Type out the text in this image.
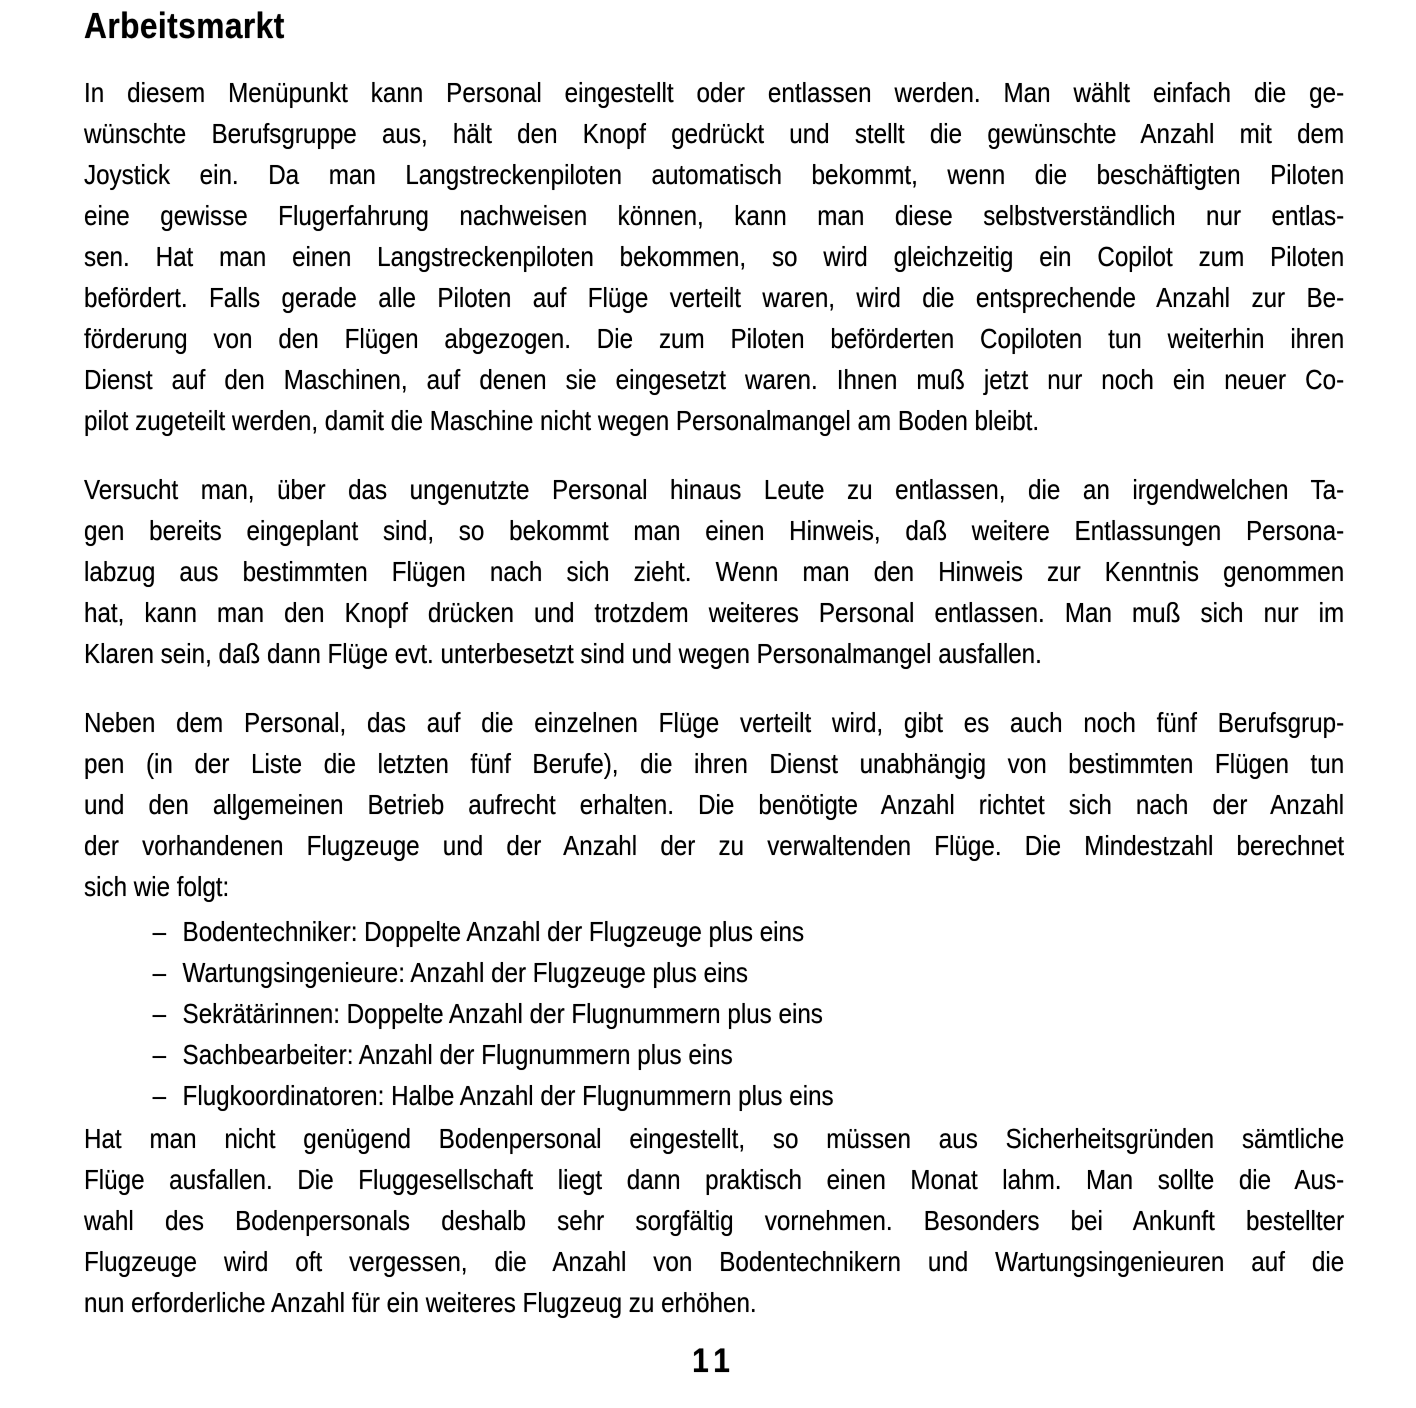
Arbeitsmarkt
In diesem Menüpunkt kann Personal eingestellt oder entlassen werden. Man wählt einfach die ge-
wünschte Berufsgruppe aus, hält den Knopf gedrückt und stellt die gewünschte Anzahl mit dem
Joystick ein. Da man Langstreckenpiloten automatisch bekommt, wenn die beschäftigten Piloten
eine gewisse Flugerfahrung nachweisen können, kann man diese selbstverständlich nur entlas-
sen. Hat man einen Langstreckenpiloten bekommen, so wird gleichzeitig ein Copilot zum Piloten
befördert. Falls gerade alle Piloten auf Flüge verteilt waren, wird die entsprechende Anzahl zur Be-
förderung von den Flügen abgezogen. Die zum Piloten beförderten Copiloten tun weiterhin ihren
Dienst auf den Maschinen, auf denen sie eingesetzt waren. Ihnen muß jetzt nur noch ein neuer Co-
pilot zugeteilt werden, damit die Maschine nicht wegen Personalmangel am Boden bleibt.
Versucht man, über das ungenutzte Personal hinaus Leute zu entlassen, die an irgendwelchen Ta-
gen bereits eingeplant sind, so bekommt man einen Hinweis, daß weitere Entlassungen Persona-
labzug aus bestimmten Flügen nach sich zieht. Wenn man den Hinweis zur Kenntnis genommen
hat, kann man den Knopf drücken und trotzdem weiteres Personal entlassen. Man muß sich nur im
Klaren sein, daß dann Flüge evt. unterbesetzt sind und wegen Personalmangel ausfallen.
Neben dem Personal, das auf die einzelnen Flüge verteilt wird, gibt es auch noch fünf Berufsgrup-
pen (in der Liste die letzten fünf Berufe), die ihren Dienst unabhängig von bestimmten Flügen tun
und den allgemeinen Betrieb aufrecht erhalten. Die benötigte Anzahl richtet sich nach der Anzahl
der vorhandenen Flugzeuge und der Anzahl der zu verwaltenden Flüge. Die Mindestzahl berechnet
sich wie folgt:
– Bodentechniker: Doppelte Anzahl der Flugzeuge plus eins
– Wartungsingenieure: Anzahl der Flugzeuge plus eins
– Sekrätärinnen: Doppelte Anzahl der Flugnummern plus eins
– Sachbearbeiter: Anzahl der Flugnummern plus eins
– Flugkoordinatoren: Halbe Anzahl der Flugnummern plus eins
Hat man nicht genügend Bodenpersonal eingestellt, so müssen aus Sicherheitsgründen sämtliche
Flüge ausfallen. Die Fluggesellschaft liegt dann praktisch einen Monat lahm. Man sollte die Aus-
wahl des Bodenpersonals deshalb sehr sorgfältig vornehmen. Besonders bei Ankunft bestellter
Flugzeuge wird oft vergessen, die Anzahl von Bodentechnikern und Wartungsingenieuren auf die
nun erforderliche Anzahl für ein weiteres Flugzeug zu erhöhen.
11
